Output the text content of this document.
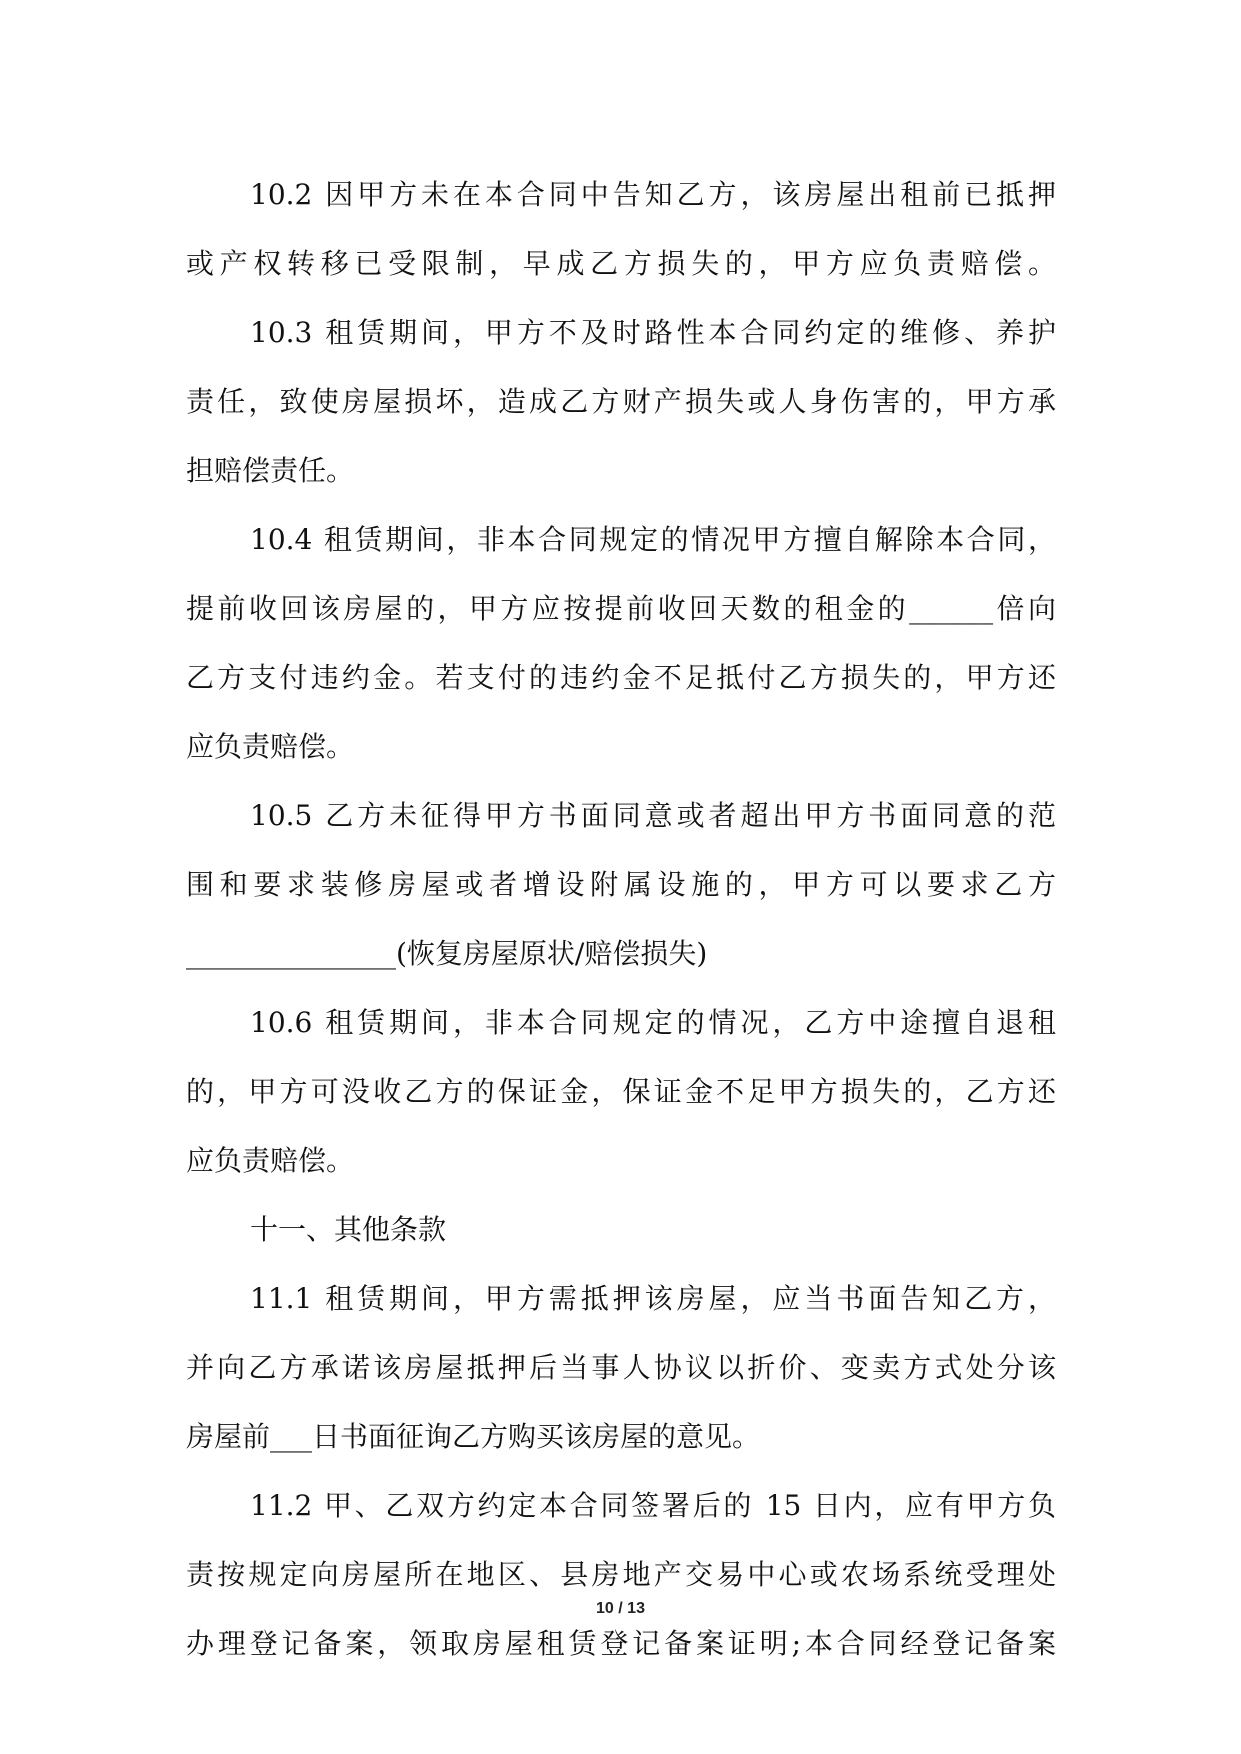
10.2 因甲方未在本合同中告知乙方，该房屋出租前已抵押
或产权转移已受限制，早成乙方损失的，甲方应负责赔偿。
10.3 租赁期间，甲方不及时路性本合同约定的维修、养护
责任，致使房屋损坏，造成乙方财产损失或人身伤害的，甲方承
担赔偿责任。
10.4 租赁期间，非本合同规定的情况甲方擅自解除本合同，
提前收回该房屋的，甲方应按提前收回天数的租金的______倍向
乙方支付违约金。若支付的违约金不足抵付乙方损失的，甲方还
应负责赔偿。
10.5 乙方未征得甲方书面同意或者超出甲方书面同意的范
围和要求装修房屋或者增设附属设施的，甲方可以要求乙方
_______________(恢复房屋原状/赔偿损失)
10.6 租赁期间，非本合同规定的情况，乙方中途擅自退租
的，甲方可没收乙方的保证金，保证金不足甲方损失的，乙方还
应负责赔偿。
十一、其他条款
11.1 租赁期间，甲方需抵押该房屋，应当书面告知乙方，
并向乙方承诺该房屋抵押后当事人协议以折价、变卖方式处分该
房屋前___日书面征询乙方购买该房屋的意见。
11.2 甲、乙双方约定本合同签署后的 15 日内，应有甲方负
责按规定向房屋所在地区、县房地产交易中心或农场系统受理处
办理登记备案，领取房屋租赁登记备案证明;本合同经登记备案
10 / 13
